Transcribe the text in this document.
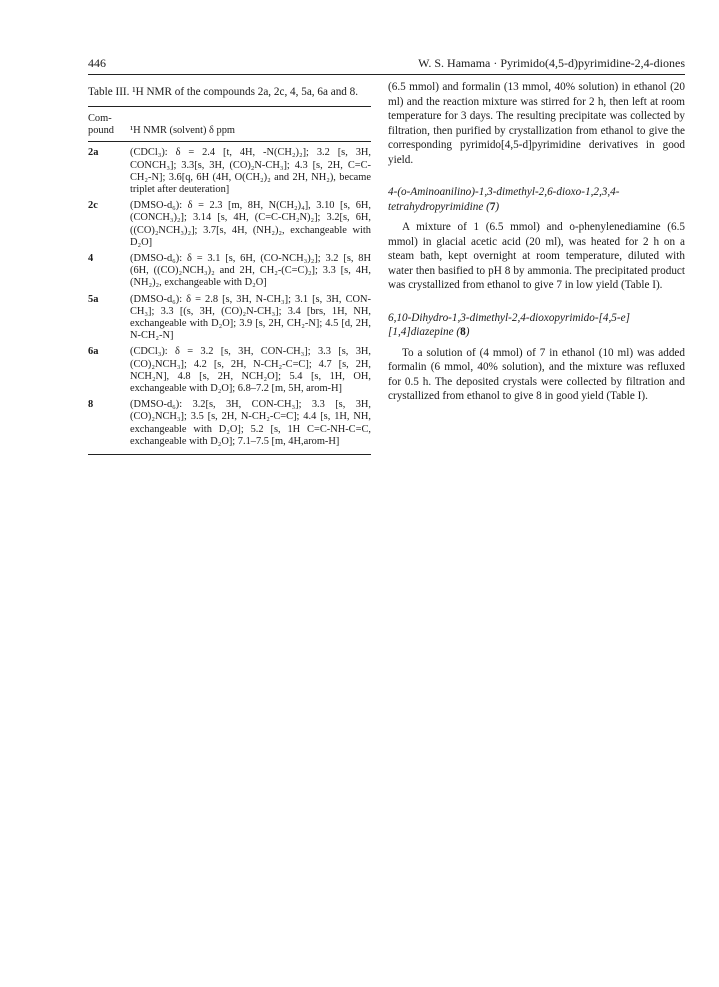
446	W. S. Hamama · Pyrimido(4,5-d)pyrimidine-2,4-diones

Table III. ¹H NMR of the compounds 2a, 2c, 4, 5a, 6a and 8.

Com-
pound	¹H NMR (solvent) δ ppm
2a	(CDCl₃): δ = 2.4 [t, 4H, -N(CH₂)₂]; 3.2 [s, 3H, CONCH₃]; 3.3[s, 3H, (CO)₂N-CH₃]; 4.3 [s, 2H, C=C-CH₂-N]; 3.6[q, 6H (4H, O(CH₂)₂ and 2H, NH₂), became triplet after deuteration]
2c	(DMSO-d₆): δ = 2.3 [m, 8H, N(CH₂)₄], 3.10 [s, 6H, (CONCH₃)₂]; 3.14 [s, 4H, (C=C-CH₂N)₂]; 3.2[s, 6H, ((CO)₂NCH₃)₂]; 3.7[s, 4H, (NH₂)₂, exchangeable with D₂O]
4	(DMSO-d₆): δ = 3.1 [s, 6H, (CO-NCH₃)₂]; 3.2 [s, 8H (6H, ((CO)₂NCH₃)₂ and 2H, CH₂-(C=C)₂]; 3.3 [s, 4H, (NH₂)₂, exchangeable with D₂O]
5a	(DMSO-d₆): δ = 2.8 [s, 3H, N-CH₃]; 3.1 [s, 3H, CON-CH₃]; 3.3 [(s, 3H, (CO)₂N-CH₃]; 3.4 [brs, 1H, NH, exchangeable with D₂O]; 3.9 [s, 2H, CH₂-N]; 4.5 [d, 2H, N-CH₂-N]
6a	(CDCl₃): δ = 3.2 [s, 3H, CON-CH₃]; 3.3 [s, 3H, (CO)₂NCH₃]; 4.2 [s, 2H, N-CH₂-C=C]; 4.7 [s, 2H, NCH₂N], 4.8 [s, 2H, NCH₂O]; 5.4 [s, 1H, OH, exchangeable with D₂O]; 6.8–7.2 [m, 5H, arom-H]
8	(DMSO-d₆): 3.2[s, 3H, CON-CH₃]; 3.3 [s, 3H, (CO)₂NCH₃]; 3.5 [s, 2H, N-CH₂-C=C]; 4.4 [s, 1H, NH, exchangeable with D₂O]; 5.2 [s, 1H C=C-NH-C=C, exchangeable with D₂O]; 7.1–7.5 [m, 4H,arom-H]

(6.5 mmol) and formalin (13 mmol, 40% solution) in ethanol (20 ml) and the reaction mixture was stirred for 2 h, then left at room temperature for 3 days. The resulting precipitate was collected by filtration, then purified by crystallization from ethanol to give the corresponding pyrimido[4,5-d]pyrimidine derivatives in good yield.

4-(o-Aminoanilino)-1,3-dimethyl-2,6-dioxo-1,2,3,4-tetrahydropyrimidine (7)

A mixture of 1 (6.5 mmol) and o-phenylenediamine (6.5 mmol) in glacial acetic acid (20 ml), was heated for 2 h on a steam bath, kept overnight at room temperature, diluted with water then basified to pH 8 by ammonia. The precipitated product was crystallized from ethanol to give 7 in low yield (Table I).

6,10-Dihydro-1,3-dimethyl-2,4-dioxopyrimido-[4,5-e][1,4]diazepine (8)

To a solution of (4 mmol) of 7 in ethanol (10 ml) was added formalin (6 mmol, 40% solution), and the mixture was refluxed for 0.5 h. The deposited crystals were collected by filtration and crystallized from ethanol to give 8 in good yield (Table I).
